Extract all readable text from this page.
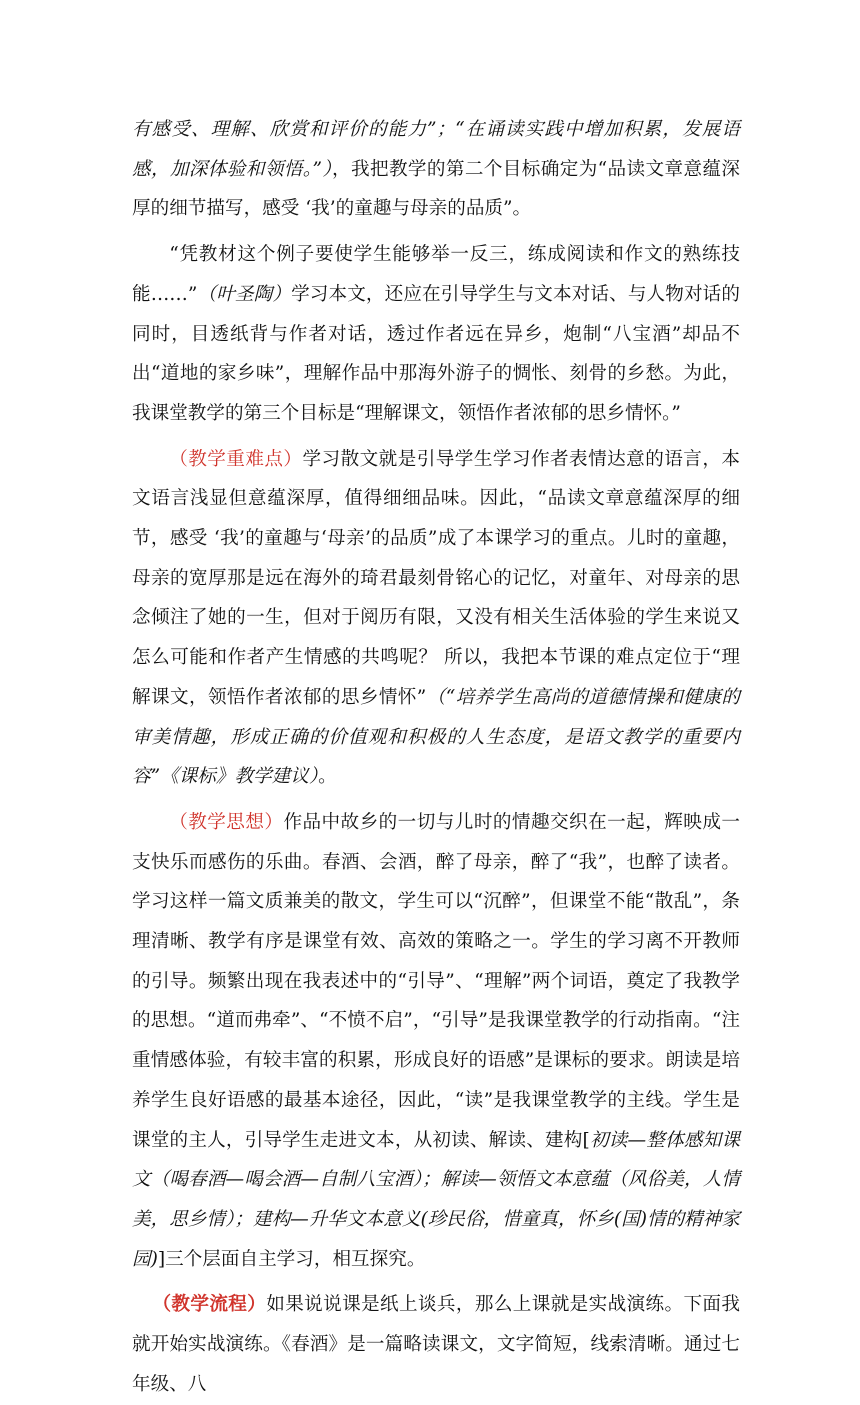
有感受、理解、欣赏和评价的能力”；“在诵读实践中增加积累，发展语感，加深体验和领悟。”），我把教学的第二个目标确定为“品读文章意蕴深厚的细节描写，感受 ‘我’的童趣与母亲的品质”。

“凭教材这个例子要使学生能够举一反三，练成阅读和作文的熟练技能……”（叶圣陶）学习本文，还应在引导学生与文本对话、与人物对话的同时，目透纸背与作者对话，透过作者远在异乡，炮制“八宝酒”却品不出“道地的家乡味”，理解作品中那海外游子的惆怅、刻骨的乡愁。为此，我课堂教学的第三个目标是“理解课文，领悟作者浓郁的思乡情怀。”

（教学重难点）学习散文就是引导学生学习作者表情达意的语言，本文语言浅显但意蕴深厚，值得细细品味。因此，“品读文章意蕴深厚的细节，感受 ‘我’的童趣与‘母亲’的品质”成了本课学习的重点。儿时的童趣，母亲的宽厚那是远在海外的琦君最刻骨铭心的记忆，对童年、对母亲的思念倾注了她的一生，但对于阅历有限，又没有相关生活体验的学生来说又怎么可能和作者产生情感的共鸣呢？ 所以，我把本节课的难点定位于“理解课文，领悟作者浓郁的思乡情怀”（“培养学生高尚的道德情操和健康的审美情趣，形成正确的价值观和积极的人生态度，是语文教学的重要内容”《课标》教学建议）。

（教学思想）作品中故乡的一切与儿时的情趣交织在一起，辉映成一支快乐而感伤的乐曲。春酒、会酒，醉了母亲，醉了“我”，也醉了读者。学习这样一篇文质兼美的散文，学生可以“沉醉”，但课堂不能“散乱”，条理清晰、教学有序是课堂有效、高效的策略之一。学生的学习离不开教师的引导。频繁出现在我表述中的“引导”、“理解”两个词语，奠定了我教学的思想。“道而弗牵”、“不愤不启”，“引导”是我课堂教学的行动指南。“注重情感体验，有较丰富的积累，形成良好的语感”是课标的要求。朗读是培养学生良好语感的最基本途径，因此，“读”是我课堂教学的主线。学生是课堂的主人，引导学生走进文本，从初读、解读、建构[初读—整体感知课文（喝春酒—喝会酒—自制八宝酒）；解读—领悟文本意蕴（风俗美，人情美，思乡情）；建构—升华文本意义(珍民俗，惜童真，怀乡(国)情的精神家园)]三个层面自主学习，相互探究。

（教学流程）如果说说课是纸上谈兵，那么上课就是实战演练。下面我就开始实战演练。《春酒》是一篇略读课文，文字简短，线索清晰。通过七年级、八
